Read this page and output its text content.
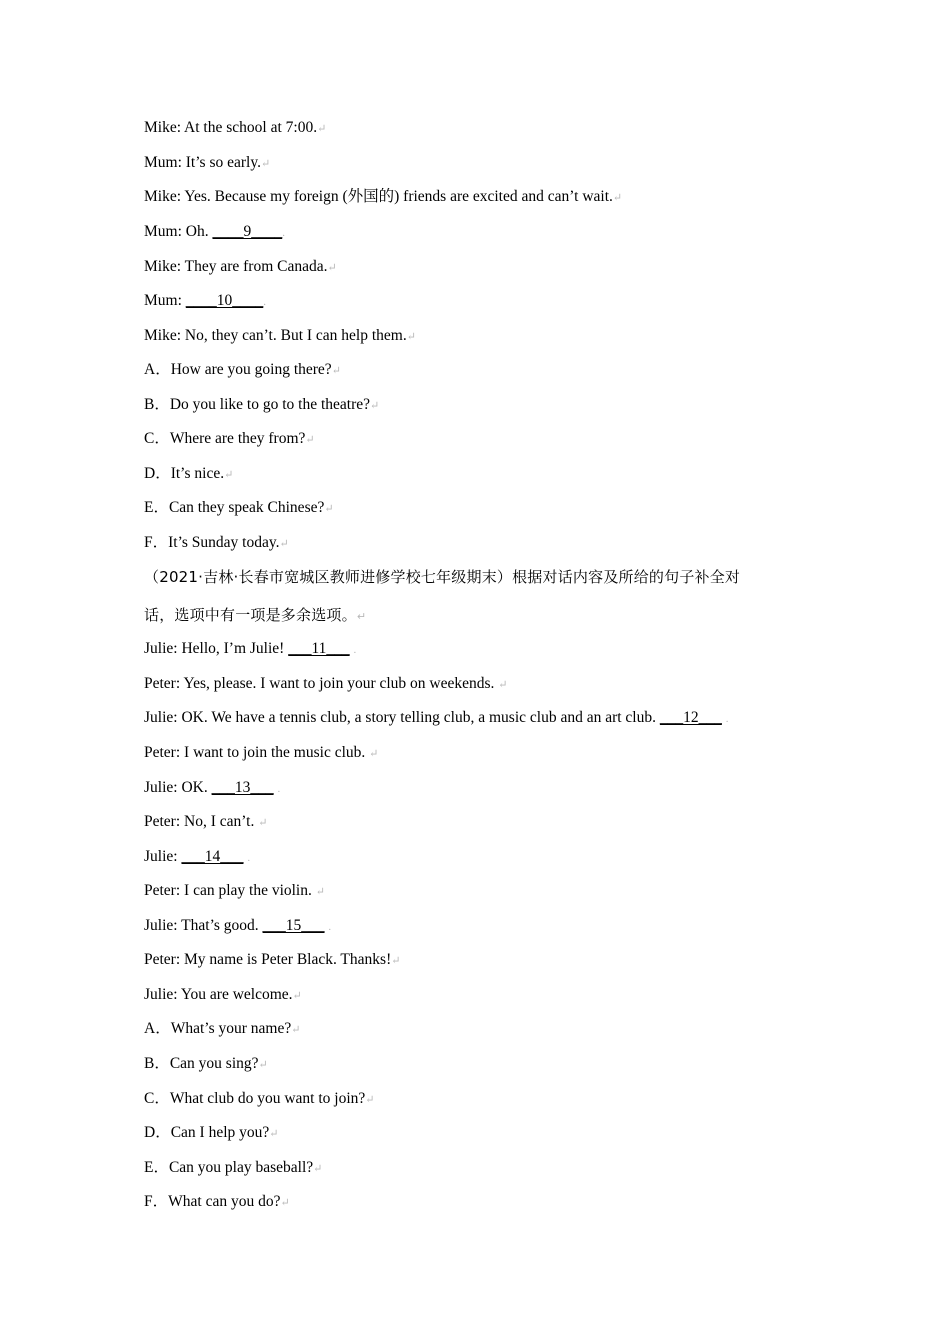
Mike: At the school at 7:00.↵
Mum: It’s so early.↵
Mike: Yes. Because my foreign (外国的) friends are excited and can’t wait.↵
Mum: Oh. ____9____.
Mike: They are from Canada.↵
Mum: ____10____.
Mike: No, they can’t. But I can help them.↵
A．How are you going there?↵
B．Do you like to go to the theatre?↵
C．Where are they from?↵
D．It’s nice.↵
E．Can they speak Chinese?↵
F．It’s Sunday today.↵
（2021·吉林·长春市宽城区教师进修学校七年级期末）根据对话内容及所给的句子补全对
话，选项中有一项是多余选项。↵
Julie: Hello, I’m Julie! ___11___ .
Peter: Yes, please. I want to join your club on weekends. ↵
Julie: OK. We have a tennis club, a story telling club, a music club and an art club. ___12___ .
Peter: I want to join the music club. ↵
Julie: OK. ___13___ .
Peter: No, I can’t. ↵
Julie: ___14___ .
Peter: I can play the violin. ↵
Julie: That’s good. ___15___ .
Peter: My name is Peter Black. Thanks!↵
Julie: You are welcome.↵
A．What’s your name?↵
B．Can you sing?↵
C．What club do you want to join?↵
D．Can I help you?↵
E．Can you play baseball?↵
F．What can you do?↵
